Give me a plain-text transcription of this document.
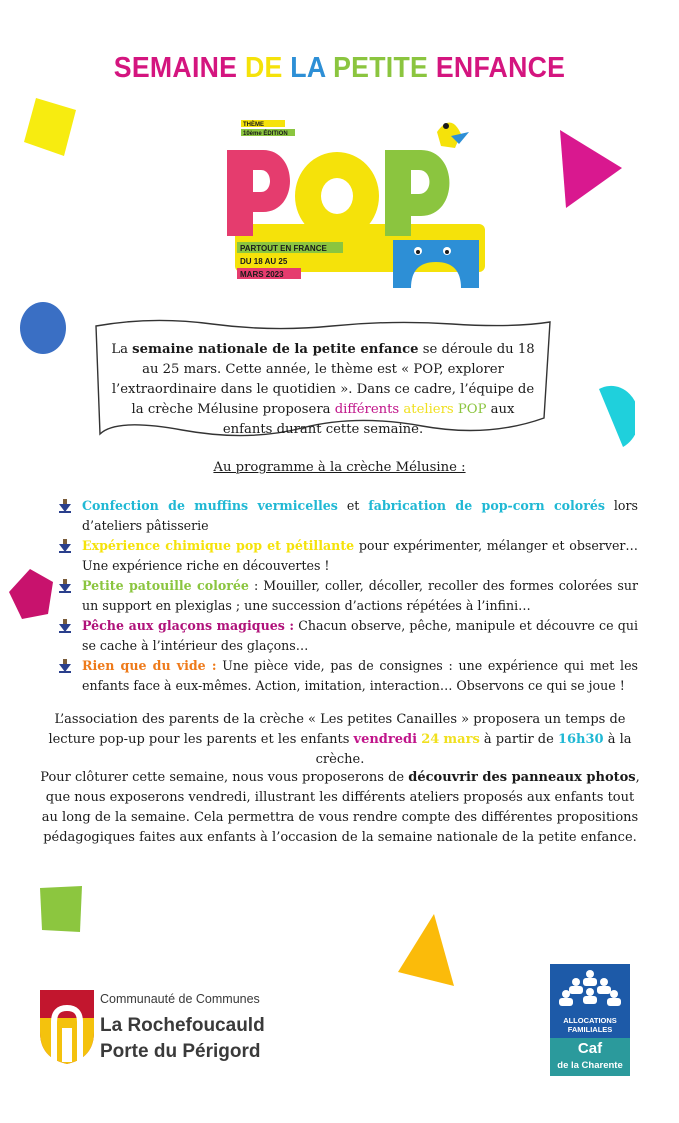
SEMAINE DE LA PETITE ENFANCE
THÈME
10ème ÉDITION
PARTOUT EN FRANCE
DU 18 AU 25
MARS 2023
La semaine nationale de la petite enfance se déroule du 18 au 25 mars. Cette année, le thème est « POP, explorer l’extraordinaire dans le quotidien ». Dans ce cadre, l’équipe de la crèche Mélusine proposera différents ateliers POP aux enfants durant cette semaine.
Au programme à la crèche Mélusine :
Confection de muffins vermicelles et fabrication de pop-corn colorés lors d’ateliers pâtisserie
Expérience chimique pop et pétillante pour expérimenter, mélanger et observer… Une expérience riche en découvertes !
Petite patouille colorée : Mouiller, coller, décoller, recoller des formes colorées sur un support en plexiglas ; une succession d’actions répétées à l’infini…
Pêche aux glaçons magiques : Chacun observe, pêche, manipule et découvre ce qui se cache à l’intérieur des glaçons…
Rien que du vide : Une pièce vide, pas de consignes : une expérience qui met les enfants face à eux-mêmes. Action, imitation, interaction… Observons ce qui se joue !
L’association des parents de la crèche « Les petites Canailles » proposera un temps de lecture pop-up pour les parents et les enfants vendredi 24 mars à partir de 16h30 à la crèche.
Pour clôturer cette semaine, nous vous proposerons de découvrir des panneaux photos, que nous exposerons vendredi, illustrant les différents ateliers proposés aux enfants tout au long de la semaine. Cela permettra de vous rendre compte des différentes propositions pédagogiques faites aux enfants à l’occasion de la semaine nationale de la petite enfance.
Communauté de Communes
La Rochefoucauld
Porte du Périgord
ALLOCATIONS FAMILIALES
Caf
de la Charente
